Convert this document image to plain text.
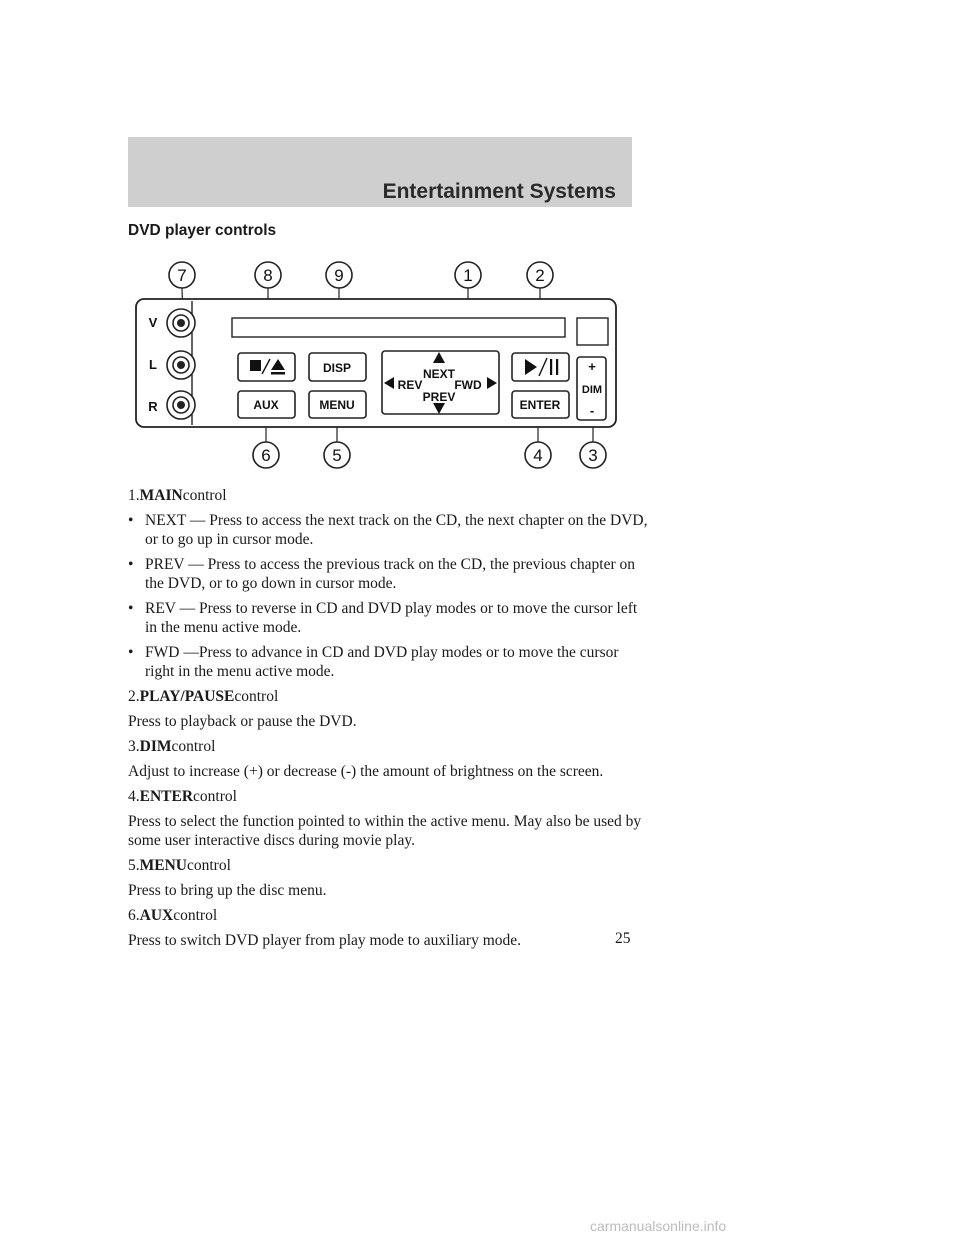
Entertainment Systems
DVD player controls
7	8	9	1	2
6	5	4	3
V
L
R
DISP
AUX	MENU
NEXT
PREV
REV	FWD
ENTER
+
DIM
-

1.MAINcontrol

• NEXT — Press to access the next track on the CD, the next chapter on the DVD, or to go up in cursor mode.
• PREV — Press to access the previous track on the CD, the previous chapter on the DVD, or to go down in cursor mode.
• REV — Press to reverse in CD and DVD play modes or to move the cursor left in the menu active mode.
• FWD —Press to advance in CD and DVD play modes or to move the cursor right in the menu active mode.

2.PLAY/PAUSEcontrol

Press to playback or pause the DVD.

3.DIMcontrol

Adjust to increase (+) or decrease (-) the amount of brightness on the screen.

4.ENTERcontrol

Press to select the function pointed to within the active menu. May also be used by some user interactive discs during movie play.

5.MENUcontrol

Press to bring up the disc menu.

6.AUXcontrol

Press to switch DVD player from play mode to auxiliary mode.	25
carmanualsonline.info
